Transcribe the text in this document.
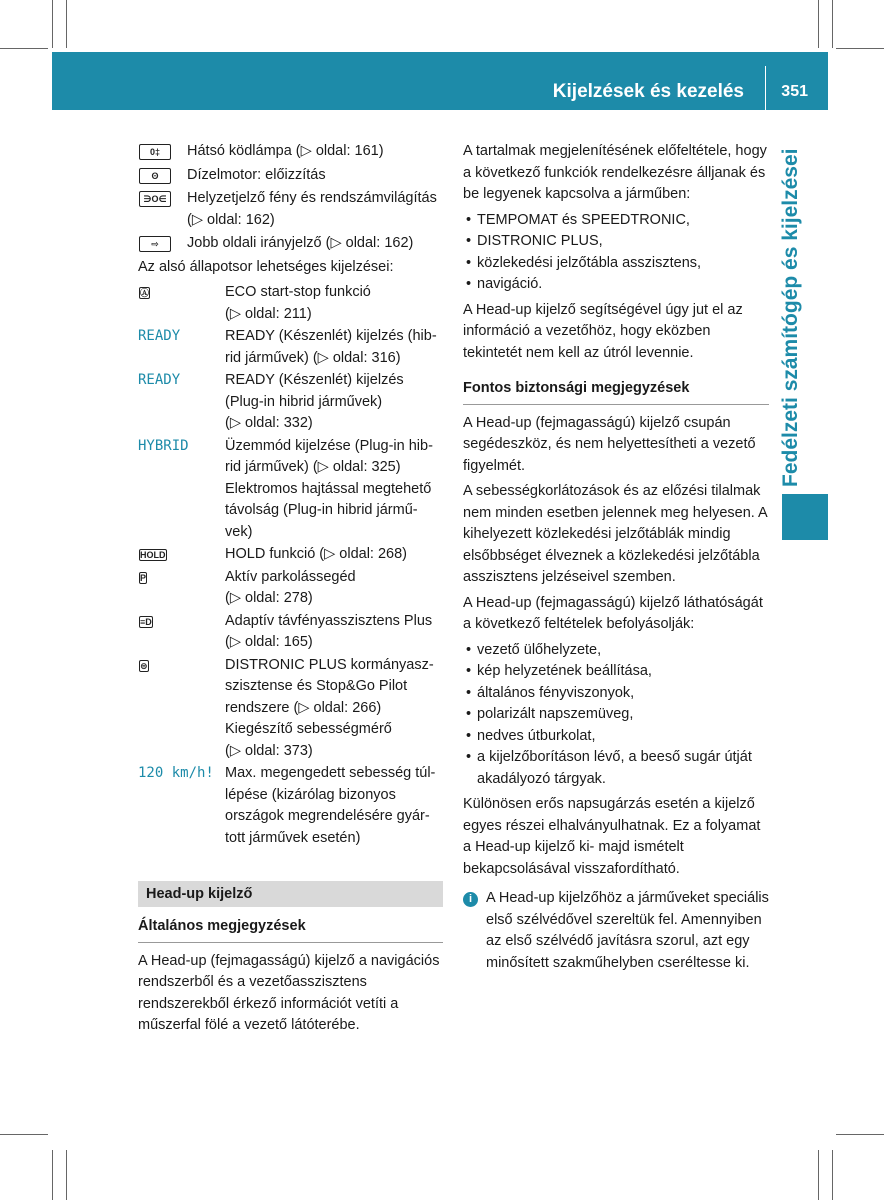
Kijelzések és kezelés 351
Fedélzeti számítógép és kijelzései
0‡	Hátsó ködlámpa (▷ oldal: 161)
ʘ	Dízelmotor: előizzítás
∋O∈	Helyzetjelző fény és rendszámvilágítás (▷ oldal: 162)
⇨	Jobb oldali irányjelző (▷ oldal: 162)

Az alsó állapotsor lehetséges kijelzései:

Ⓐ	ECO start-stop funkció
(▷ oldal: 211)
READY	READY (Készenlét) kijelzés (hib-
rid járművek) (▷ oldal: 316)
READY	READY (Készenlét) kijelzés
(Plug-in hibrid járművek)
(▷ oldal: 332)
HYBRID	Üzemmód kijelzése (Plug-in hib-
rid járművek) (▷ oldal: 325)
Elektromos hajtással megtehető
távolság (Plug-in hibrid jármű-
vek)
HOLD	HOLD funkció (▷ oldal: 268)
P	Aktív parkolássegéd
(▷ oldal: 278)
≡D	Adaptív távfényasszisztens Plus
(▷ oldal: 165)
⊜	DISTRONIC PLUS kormányasz-
szisztense és Stop&Go Pilot
rendszere (▷ oldal: 266)
Kiegészítő sebességmérő
(▷ oldal: 373)
120 km/h! Max. megengedett sebesség túl-
lépése (kizárólag bizonyos
országok megrendelésére gyár-
tott járművek esetén)
Head-up kijelző
Általános megjegyzések

A Head-up (fejmagasságú) kijelző a navigációs rendszerből és a vezetőasszisztens rendszerekből érkező információt vetíti a műszerfal fölé a vezető látóterébe.

A tartalmak megjelenítésének előfeltétele, hogy a következő funkciók rendelkezésre álljanak és be legyenek kapcsolva a járműben:

• TEMPOMAT és SPEEDTRONIC,
• DISTRONIC PLUS,
• közlekedési jelzőtábla asszisztens,
• navigáció.

A Head-up kijelző segítségével úgy jut el az információ a vezetőhöz, hogy eközben tekintetét nem kell az útról levennie.

Fontos biztonsági megjegyzések

A Head-up (fejmagasságú) kijelző csupán segédeszköz, és nem helyettesítheti a vezető figyelmét.

A sebességkorlátozások és az előzési tilalmak nem minden esetben jelennek meg helyesen. A kihelyezett közlekedési jelzőtáblák mindig elsőbbséget élveznek a közlekedési jelzőtábla asszisztens jelzéseivel szemben.

A Head-up (fejmagasságú) kijelző láthatóságát a következő feltételek befolyásolják:

• vezető ülőhelyzete,
• kép helyzetének beállítása,
• általános fényviszonyok,
• polarizált napszemüveg,
• nedves útburkolat,
• a kijelzőborításon lévő, a beeső sugár útját akadályozó tárgyak.

Különösen erős napsugárzás esetén a kijelző egyes részei elhalványulhatnak. Ez a folyamat a Head-up kijelző ki- majd ismételt bekapcsolásával visszafordítható.

i A Head-up kijelzőhöz a járműveket speciális első szélvédővel szereltük fel. Amennyiben az első szélvédő javításra szorul, azt egy minősített szakműhelyben cseréltesse ki.
